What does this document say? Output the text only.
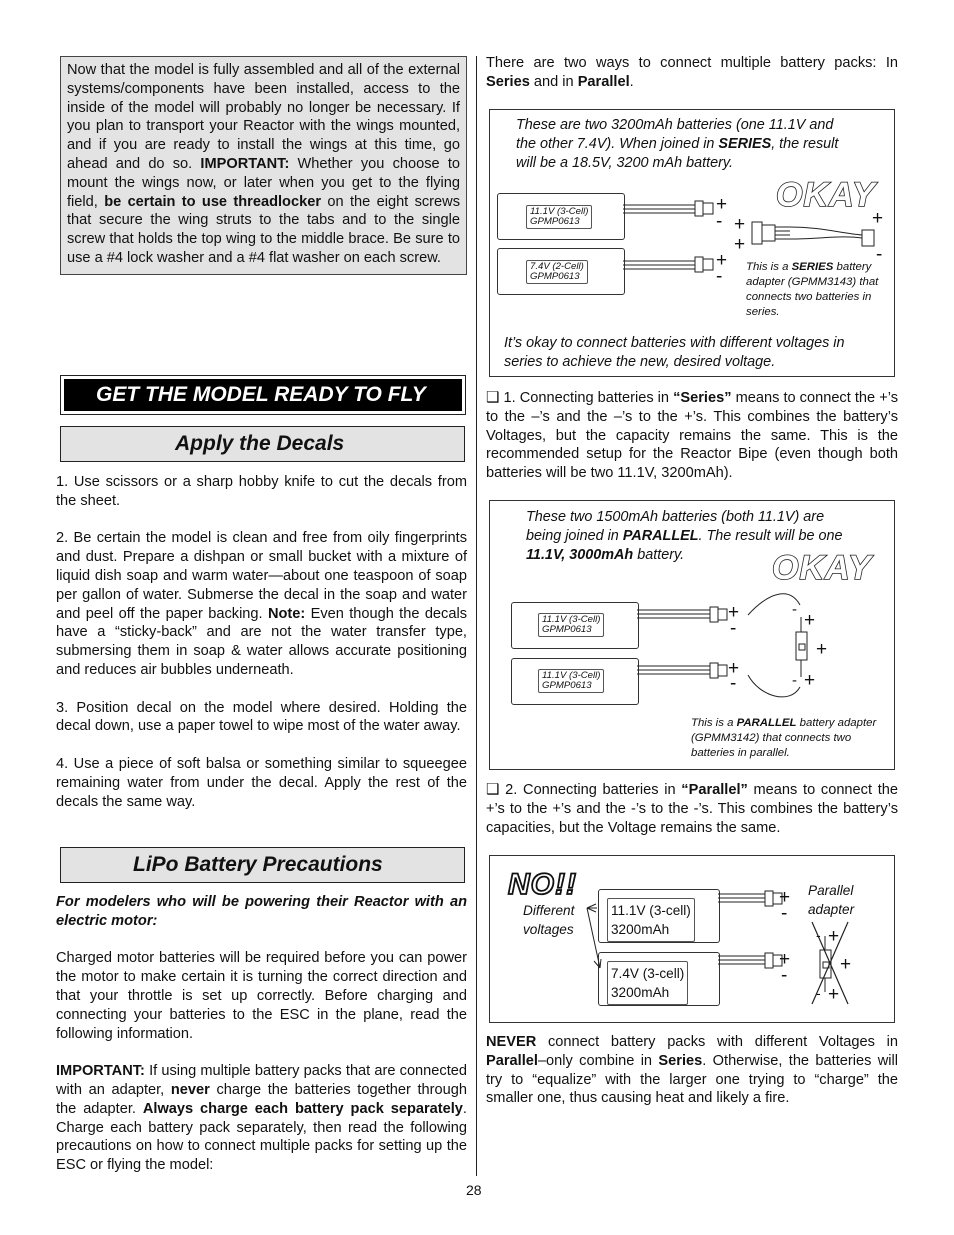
Now that the model is fully assembled and all of the external systems/components have been installed, access to the inside of the model will probably no longer be necessary. If you plan to transport your Reactor with the wings mounted, and if you are ready to install the wings at this time, go ahead and do so. IMPORTANT: Whether you choose to mount the wings now, or later when you get to the flying field, be certain to use threadlocker on the eight screws that secure the wing struts to the tabs and to the single screw that holds the top wing to the middle brace. Be sure to use a #4 lock washer and a #4 flat washer on each screw.

GET THE MODEL READY TO FLY
Apply the Decals

1. Use scissors or a sharp hobby knife to cut the decals from the sheet.

2. Be certain the model is clean and free from oily fingerprints and dust. Prepare a dishpan or small bucket with a mixture of liquid dish soap and warm water—about one teaspoon of soap per gallon of water. Submerse the decal in the soap and water and peel off the paper backing. Note: Even though the decals have a “sticky-back” and are not the water transfer type, submersing them in soap & water allows accurate positioning and reduces air bubbles underneath.

3. Position decal on the model where desired. Holding the decal down, use a paper towel to wipe most of the water away.

4. Use a piece of soft balsa or something similar to squeegee remaining water from under the decal. Apply the rest of the decals the same way.

LiPo Battery Precautions

For modelers who will be powering their Reactor with an electric motor:

Charged motor batteries will be required before you can power the motor to make certain it is turning the correct direction and that your throttle is set up correctly. Before charging and connecting your batteries to the ESC in the plane, read the following information.

IMPORTANT: If using multiple battery packs that are connected with an adapter, never charge the batteries together through the adapter. Always charge each battery pack separately. Charge each battery pack separately, then read the following precautions on how to connect multiple packs for setting up the ESC or flying the model:

There are two ways to connect multiple battery packs: In Series and in Parallel.

These are two 3200mAh batteries (one 11.1V and the other 7.4V). When joined in SERIES, the result will be a 18.5V, 3200 mAh battery.

OKAY
11.1V (3-Cell)
GPMP0613
7.4V (2-Cell)
GPMP0613
+
-
+
-
+
+
+
-

This is a SERIES battery adapter (GPMM3143) that connects two batteries in series.

It’s okay to connect batteries with different voltages in series to achieve the new, desired voltage.

❑ 1. Connecting batteries in “Series” means to connect the +’s to the –’s and the –’s to the +’s. This combines the battery’s Voltages, but the capacity remains the same. This is the recommended setup for the Reactor Bipe (even though both batteries will be two 11.1V, 3200mAh).

These two 1500mAh batteries (both 11.1V) are being joined in PARALLEL. The result will be one 11.1V, 3000mAh battery.	OKAY
11.1V (3-Cell)
GPMP0613
11.1V (3-Cell)
GPMP0613
+
-
+
-
+
+
+
-
-

This is a PARALLEL battery adapter (GPMM3142) that connects two batteries in parallel.

❑ 2. Connecting batteries in “Parallel” means to connect the +’s to the +’s and the -’s to the -’s. This combines the battery’s capacities, but the Voltage remains the same.

NO!!
Different
voltages
11.1V (3-cell)
3200mAh
7.4V (3-cell)
3200mAh
Parallel
adapter
+
-
+
-
+
+
+
-
-

NEVER connect battery packs with different Voltages in Parallel–only combine in Series. Otherwise, the batteries will try to “equalize” with the larger one trying to “charge” the smaller one, thus causing heat and likely a fire.

28
